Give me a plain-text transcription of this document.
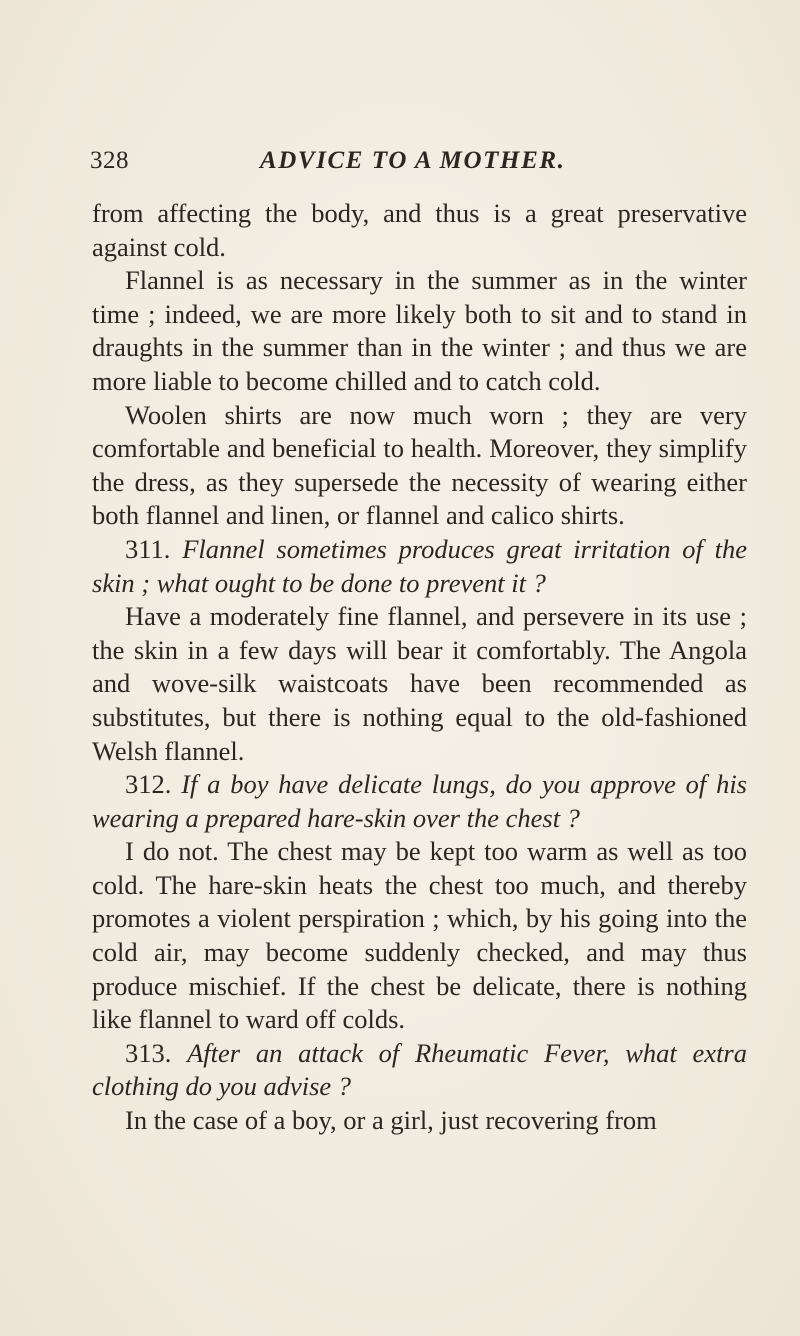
328	ADVICE TO A MOTHER.

from affecting the body, and thus is a great preservative against cold.

Flannel is as necessary in the summer as in the winter time ; indeed, we are more likely both to sit and to stand in draughts in the summer than in the winter ; and thus we are more liable to become chilled and to catch cold.

Woolen shirts are now much worn ; they are very comfortable and beneficial to health. Moreover, they simplify the dress, as they supersede the necessity of wearing either both flannel and linen, or flannel and calico shirts.

311. Flannel sometimes produces great irritation of the skin ; what ought to be done to prevent it ?

Have a moderately fine flannel, and persevere in its use ; the skin in a few days will bear it comfortably. The Angola and wove-silk waistcoats have been recommended as substitutes, but there is nothing equal to the old-fashioned Welsh flannel.

312. If a boy have delicate lungs, do you approve of his wearing a prepared hare-skin over the chest ?

I do not. The chest may be kept too warm as well as too cold. The hare-skin heats the chest too much, and thereby promotes a violent perspiration ; which, by his going into the cold air, may become suddenly checked, and may thus produce mischief. If the chest be delicate, there is nothing like flannel to ward off colds.

313. After an attack of Rheumatic Fever, what extra clothing do you advise ?

In the case of a boy, or a girl, just recovering from
